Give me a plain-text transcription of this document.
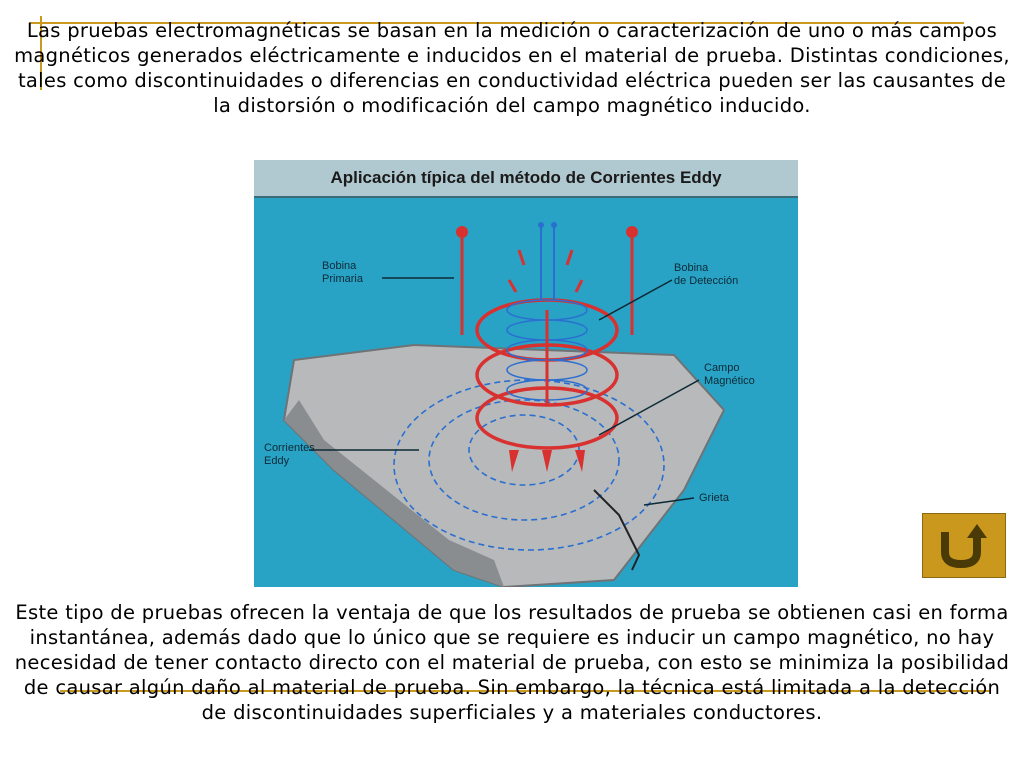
Las pruebas electromagnéticas se basan en la medición o caracterización de uno o más campos magnéticos generados eléctricamente e inducidos en el material de prueba. Distintas condiciones, tales como discontinuidades o diferencias en conductividad eléctrica pueden ser las causantes de la distorsión o modificación del campo magnético inducido.
Aplicación típica del método de Corrientes Eddy
Bobina
Primaria
Bobina
de Detección
Campo
Magnético
Corrientes
Eddy
Grieta
Este tipo de pruebas ofrecen la ventaja de que los resultados de prueba se obtienen casi en forma instantánea, además dado que lo único que se requiere es inducir un campo magnético, no hay necesidad de tener contacto directo con el material de prueba, con esto se minimiza la posibilidad de causar algún daño al material de prueba. Sin embargo, la técnica está limitada a la detección de discontinuidades superficiales y a materiales conductores.
